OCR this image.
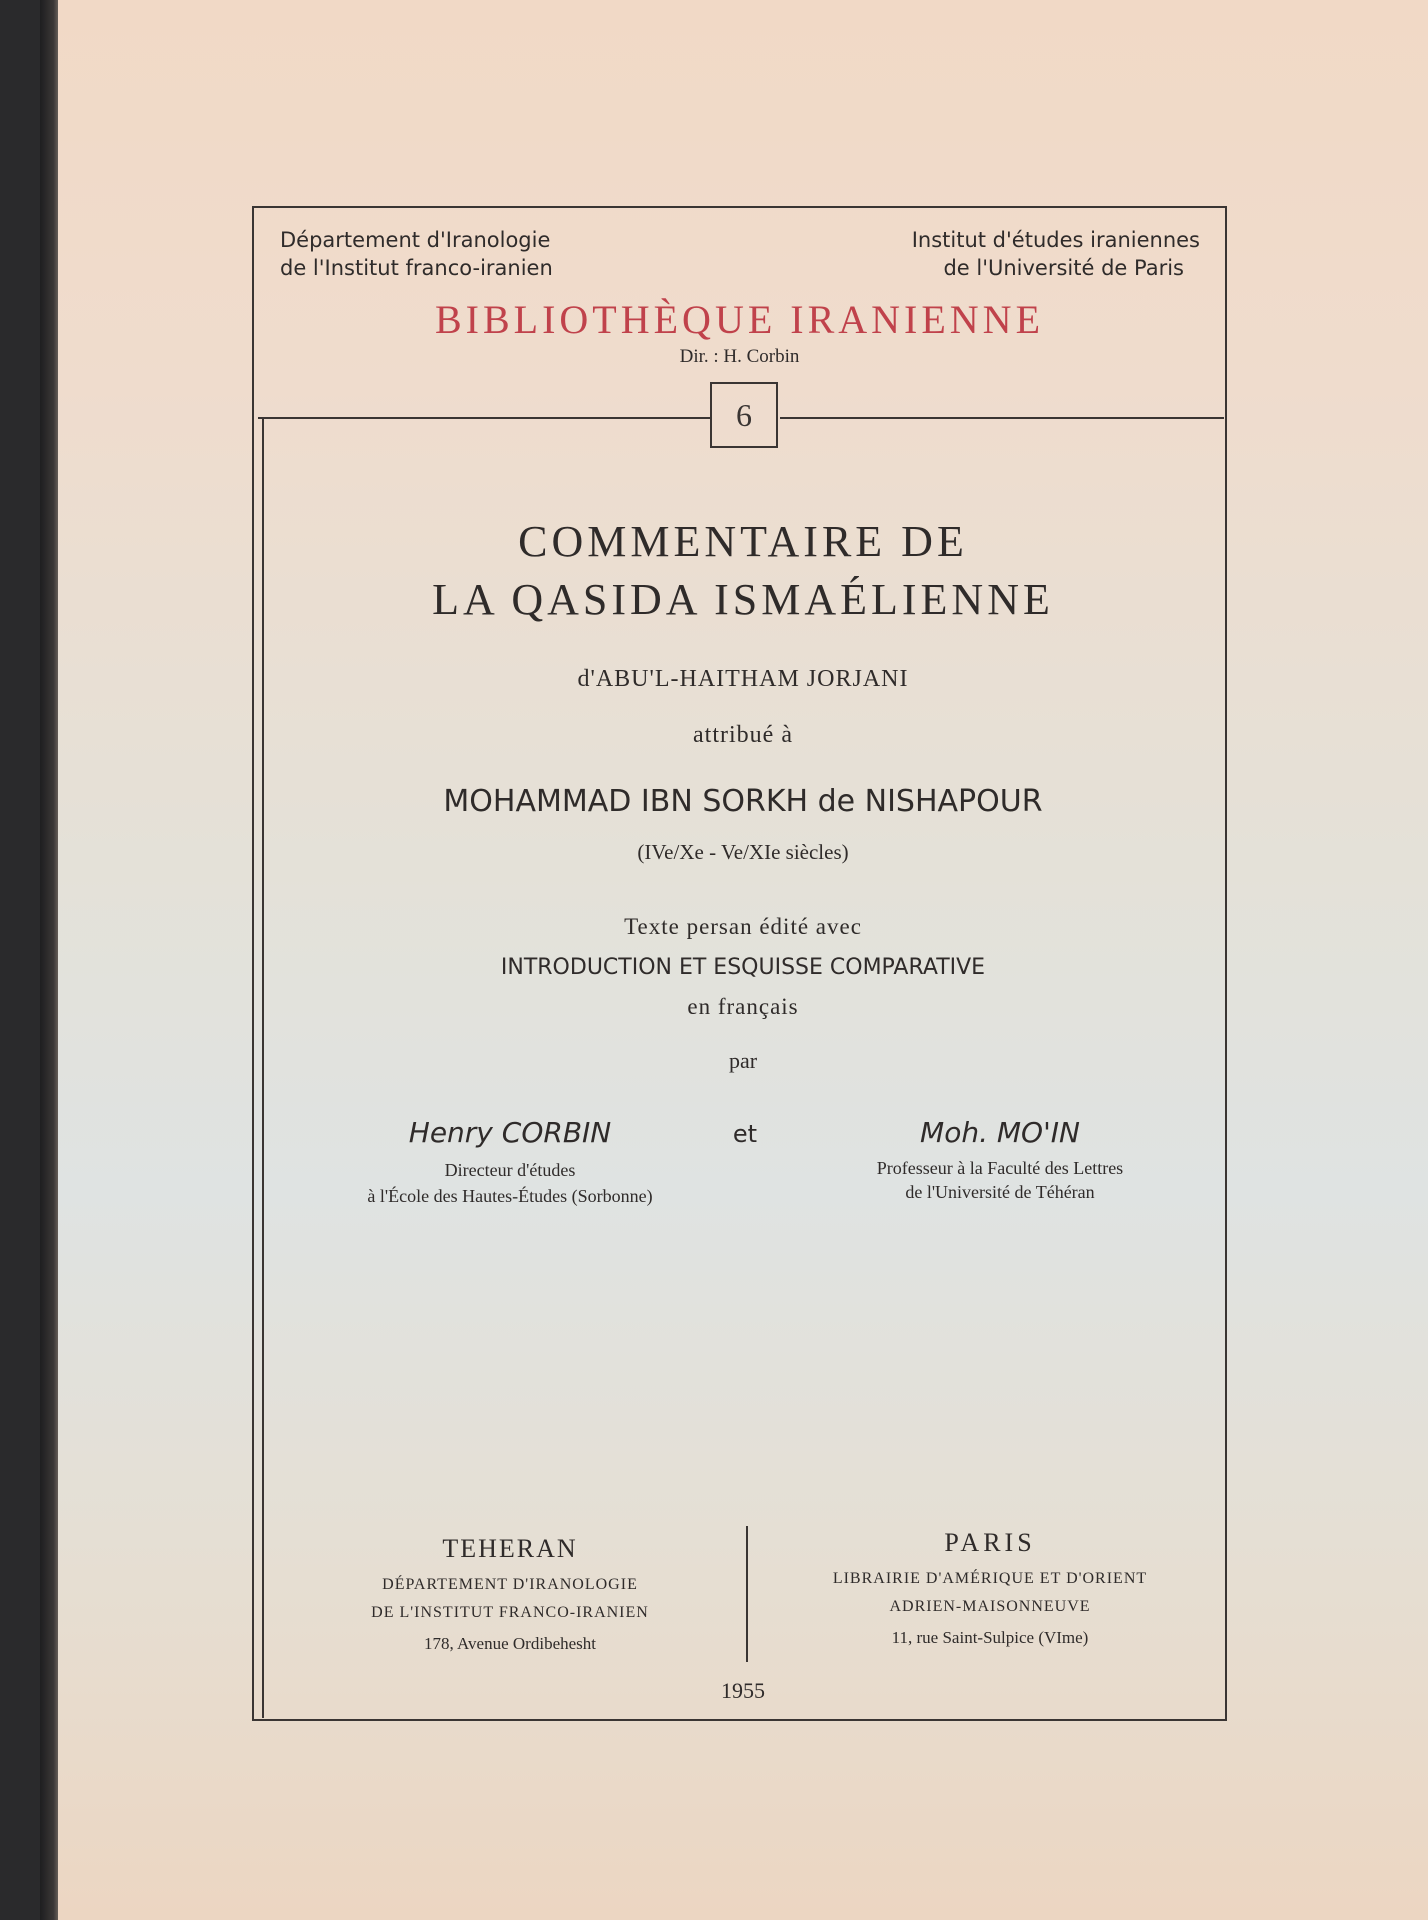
6
Département d'Iranologie
de l'Institut franco-iranien
Institut d'études iraniennes
de l'Université de Paris
BIBLIOTHÈQUE IRANIENNE
Dir. : H. Corbin
COMMENTAIRE DE
LA QASIDA ISMAÉLIENNE
d'ABU'L-HAITHAM JORJANI
attribué à
MOHAMMAD IBN SORKH de NISHAPOUR
(IVe/Xe - Ve/XIe siècles)
Texte persan édité avec
INTRODUCTION ET ESQUISSE COMPARATIVE
en français
par
Henry CORBIN
Directeur d'études
à l'École des Hautes-Études (Sorbonne)
et	Moh. MO'IN
Professeur à la Faculté des Lettres
de l'Université de Téhéran
TEHERAN
DÉPARTEMENT D'IRANOLOGIE
DE L'INSTITUT FRANCO-IRANIEN
178, Avenue Ordibehesht
PARIS
LIBRAIRIE D'AMÉRIQUE ET D'ORIENT
ADRIEN-MAISONNEUVE
11, rue Saint-Sulpice (VIme)
1955
